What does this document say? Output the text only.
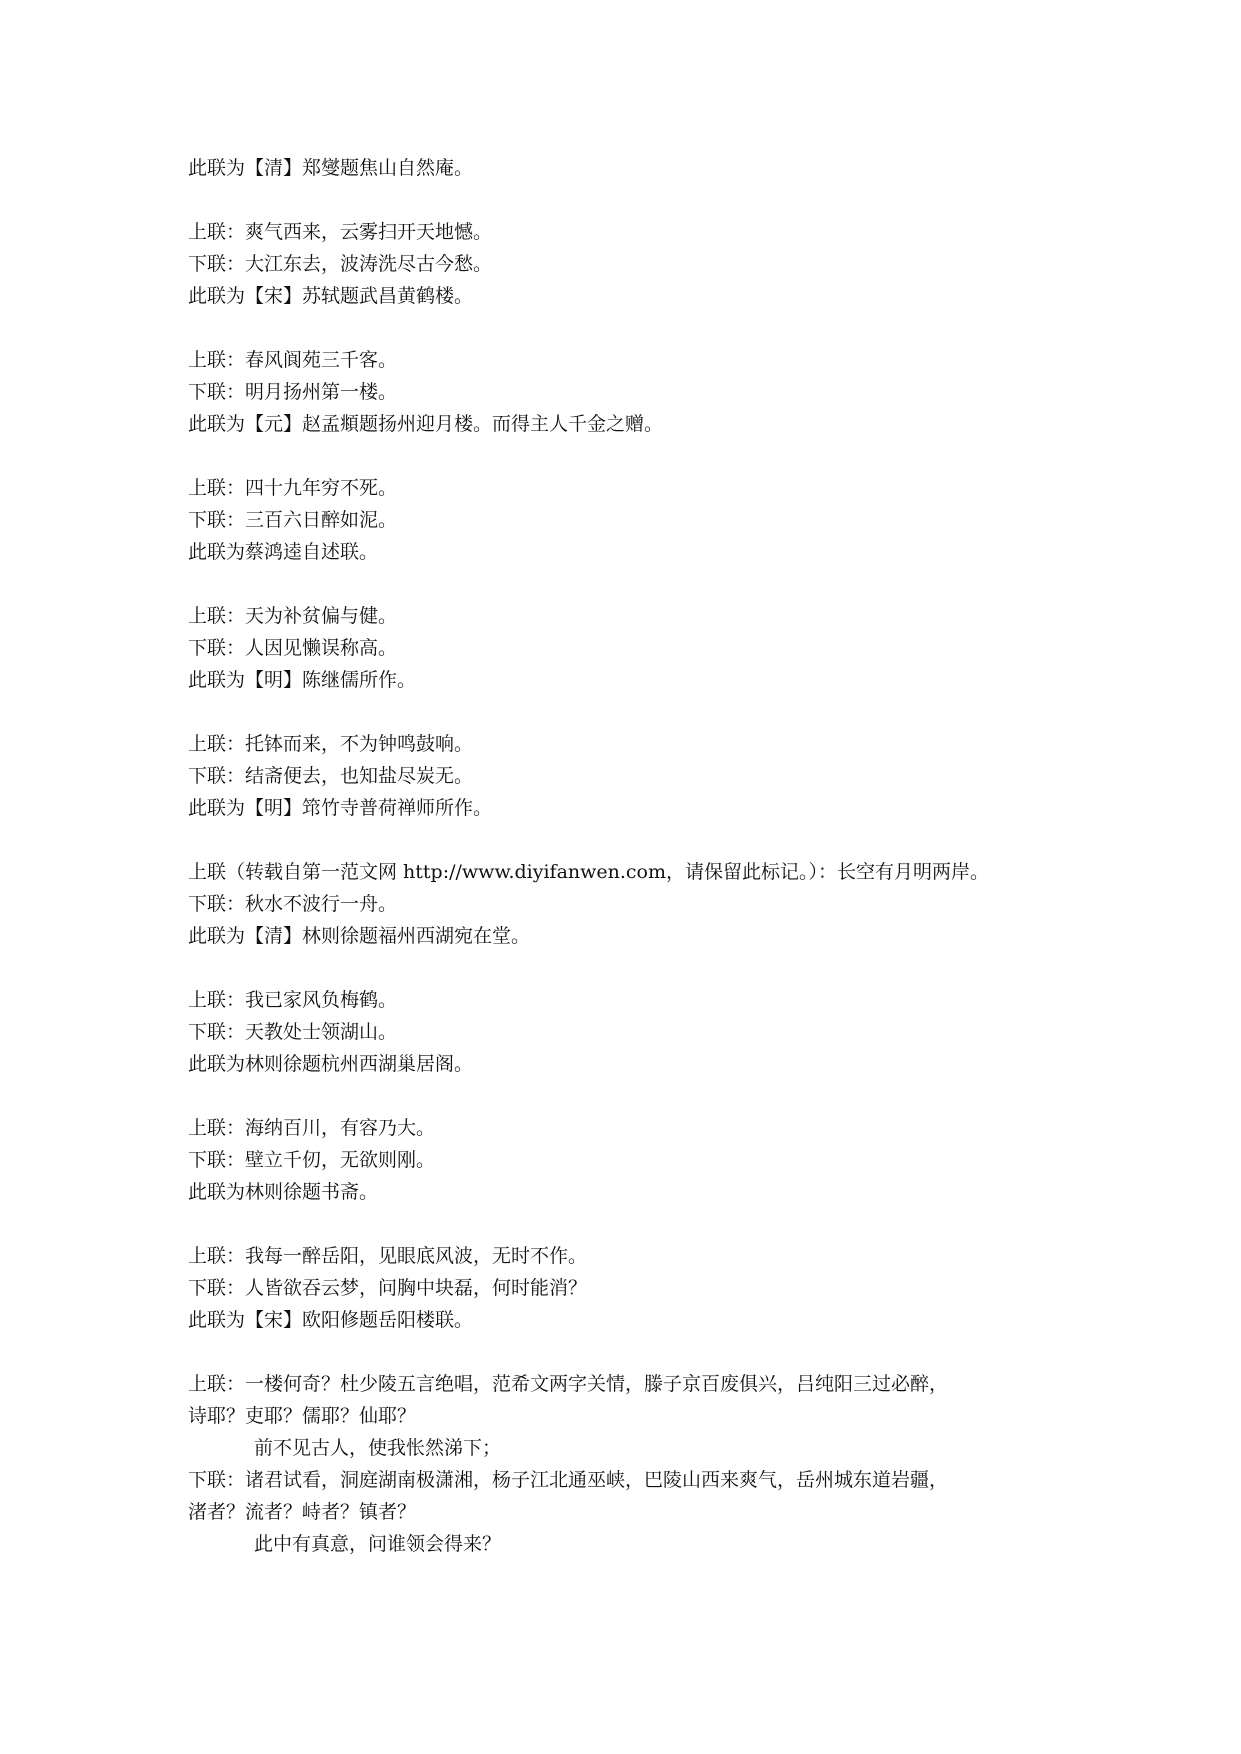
此联为【清】郑燮题焦山自然庵。
上联：爽气西来，云雾扫开天地憾。
下联：大江东去，波涛洗尽古今愁。
此联为【宋】苏轼题武昌黄鹤楼。
上联：春风阆苑三千客。
下联：明月扬州第一楼。
此联为【元】赵孟頫题扬州迎月楼。而得主人千金之赠。
上联：四十九年穷不死。
下联：三百六日醉如泥。
此联为蔡鸿逵自述联。
上联：天为补贫偏与健。
下联：人因见懒误称高。
此联为【明】陈继儒所作。
上联：托钵而来，不为钟鸣鼓响。
下联：结斋便去，也知盐尽炭无。
此联为【明】筇竹寺普荷禅师所作。
上联（转载自第一范文网 http://www.diyifanwen.com，请保留此标记。）：长空有月明两岸。
下联：秋水不波行一舟。
此联为【清】林则徐题福州西湖宛在堂。
上联：我已家风负梅鹤。
下联：天教处士领湖山。
此联为林则徐题杭州西湖巢居阁。
上联：海纳百川，有容乃大。
下联：壁立千仞，无欲则刚。
此联为林则徐题书斋。
上联：我每一醉岳阳，见眼底风波，无时不作。
下联：人皆欲吞云梦，问胸中块磊，何时能消？
此联为【宋】欧阳修题岳阳楼联。
上联：一楼何奇？杜少陵五言绝唱，范希文两字关情，滕子京百废俱兴，吕纯阳三过必醉，
诗耶？吏耶？儒耶？仙耶？
前不见古人，使我怅然涕下；
下联：诸君试看，洞庭湖南极潇湘，杨子江北通巫峡，巴陵山西来爽气，岳州城东道岩疆，
渚者？流者？峙者？镇者？
此中有真意，问谁领会得来？
